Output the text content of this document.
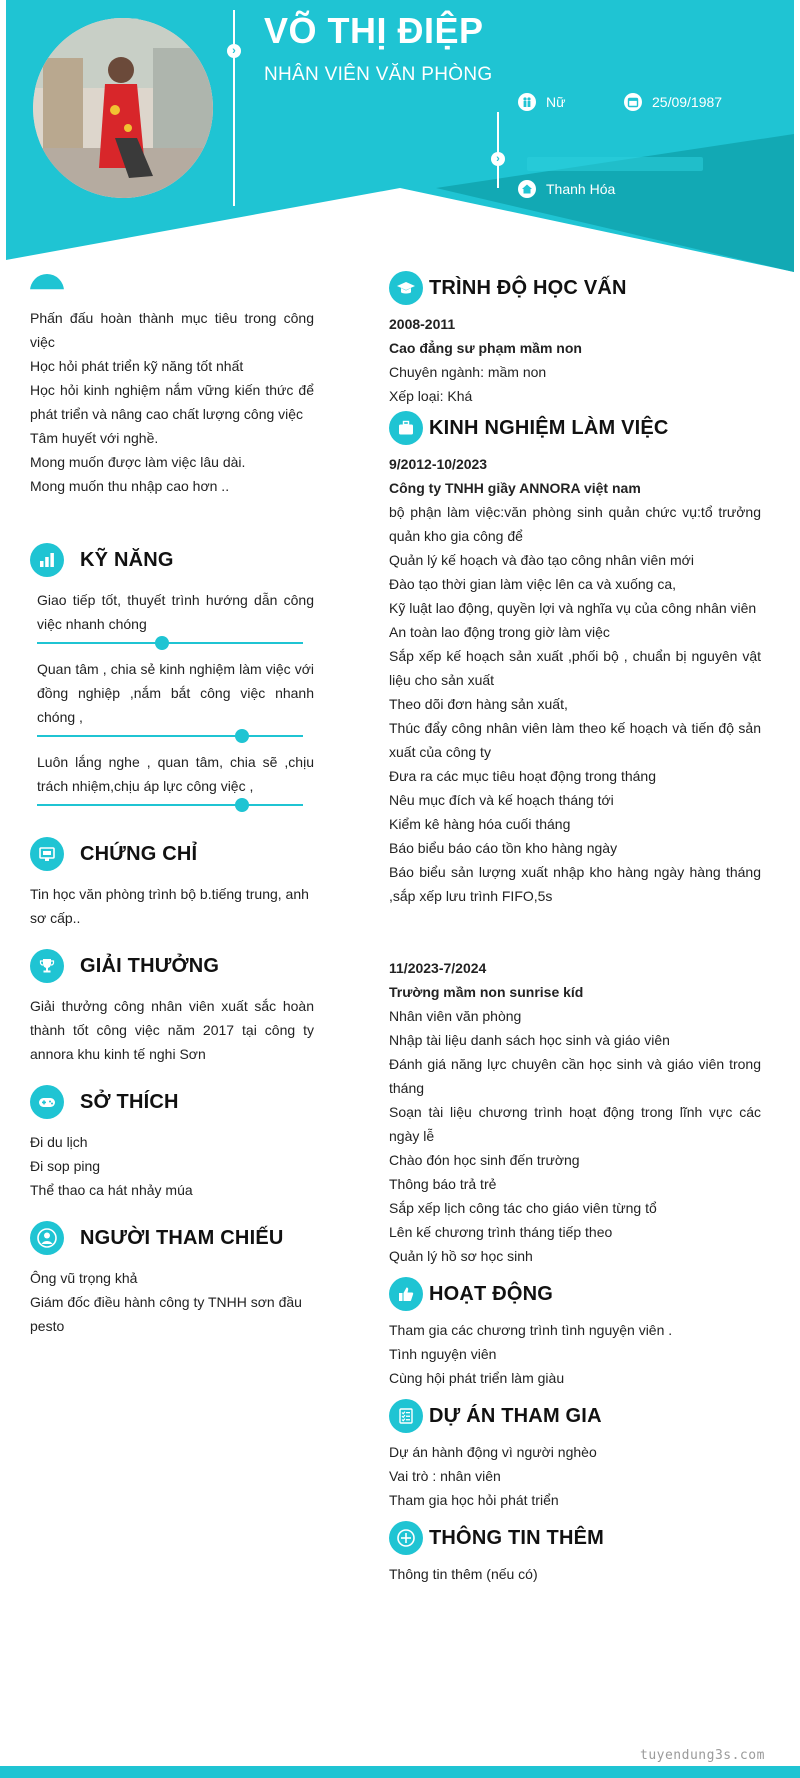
›
›
VÕ THỊ ĐIỆP
NHÂN VIÊN VĂN PHÒNG
Nữ	25/09/1987
Thanh Hóa

Phấn đấu hoàn thành mục tiêu trong công việc

Học hỏi phát triển kỹ năng tốt nhất

Học hỏi kinh nghiệm nắm vững kiến thức để phát triển và nâng cao chất lượng công việc

Tâm huyết với nghề.

Mong muốn được làm việc lâu dài.

Mong muốn thu nhập cao hơn ..

KỸ NĂNG

Giao tiếp tốt, thuyết trình hướng dẫn công việc nhanh chóng

Quan tâm , chia sẻ kinh nghiệm làm việc với đồng nghiệp ,nắm bắt công việc nhanh chóng ,

Luôn lắng nghe , quan tâm, chia sẽ ,chịu trách nhiệm,chịu áp lực công việc ,

CHỨNG CHỈ

Tin học văn phòng trình bộ b.tiếng trung, anh sơ cấp..

GIẢI THƯỞNG

Giải thưởng công nhân viên xuất sắc hoàn thành tốt công việc năm 2017 tại công ty annora khu kinh tế nghi Sơn

SỞ THÍCH

Đi du lịch

Đi sop ping

Thể thao ca hát nhảy múa

NGƯỜI THAM CHIẾU

Ông vũ trọng khả

Giám đốc điều hành công ty TNHH sơn đầu pesto

TRÌNH ĐỘ HỌC VẤN

2008-2011

Cao đẳng sư phạm mầm non

Chuyên ngành: mầm non

Xếp loại: Khá

KINH NGHIỆM LÀM VIỆC

9/2012-10/2023

Công ty TNHH giầy ANNORA việt nam

bộ phận làm việc:văn phòng sinh quản chức vụ:tổ trưởng quản kho gia công để

Quản lý kế hoạch và đào tạo công nhân viên mới

Đào tạo thời gian làm việc lên ca và xuống ca,

Kỹ luật lao động, quyền lợi và nghĩa vụ của công nhân viên

An toàn lao động trong giờ làm việc

Sắp xếp kế hoạch sản xuất ,phối bộ , chuẩn bị nguyên vật liệu cho sản xuất

Theo dõi đơn hàng sản xuất,

Thúc đẩy công nhân viên làm theo kế hoạch và tiến độ sản xuất của công ty

Đưa ra các mục tiêu hoạt động trong tháng

Nêu mục đích và kế hoạch tháng tới

Kiểm kê hàng hóa cuối tháng

Báo biểu báo cáo tồn kho hàng ngày

Báo biểu sản lượng xuất nhập kho hàng ngày hàng tháng ,sắp xếp lưu trình FIFO,5s

11/2023-7/2024

Trường mầm non sunrise kíd

Nhân viên văn phòng

Nhập tài liệu danh sách học sinh và giáo viên

Đánh giá năng lực chuyên cần học sinh và giáo viên trong tháng

Soạn tài liệu chương trình hoạt động trong lĩnh vực các ngày lễ

Chào đón học sinh đến trường

Thông báo trả trẻ

Sắp xếp lịch công tác cho giáo viên từng tổ

Lên kế chương trình tháng tiếp theo

Quản lý hồ sơ học sinh

HOẠT ĐỘNG

Tham gia các chương trình tình nguyện viên .

Tình nguyện viên

Cùng hội phát triển làm giàu

DỰ ÁN THAM GIA

Dự án hành động vì người nghèo

Vai trò : nhân viên

Tham gia học hỏi phát triển

THÔNG TIN THÊM

Thông tin thêm (nếu có)

tuyendung3s.com
